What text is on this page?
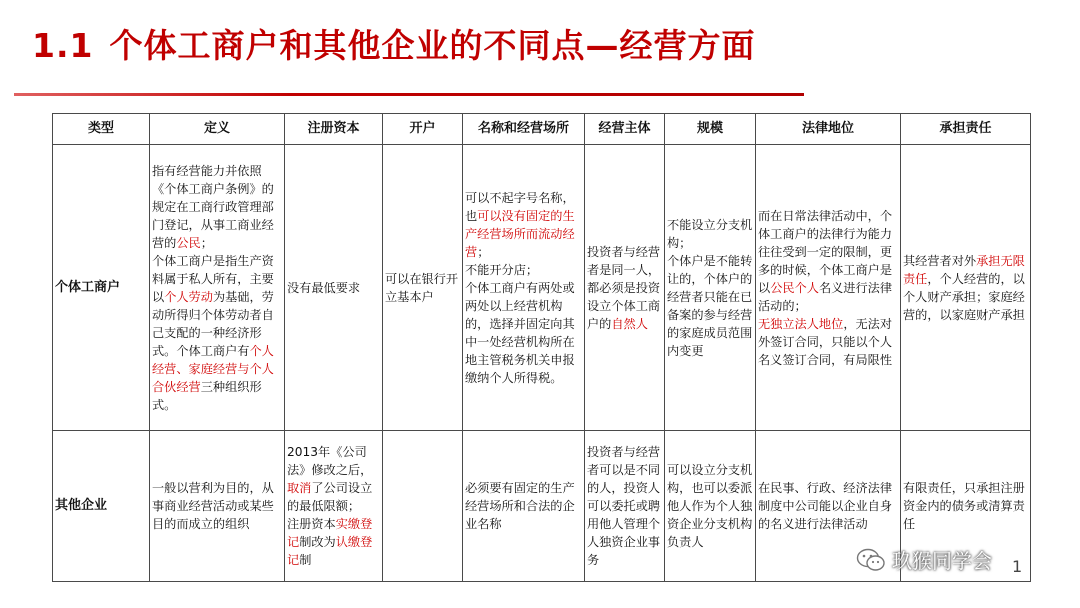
1.1 个体工商户和其他企业的不同点—经营方面
类型	定义	注册资本	开户	名称和经营场所	经营主体	规模	法律地位	承担责任
个体工商户	指有经营能力并依照《个体工商户条例》的规定在工商行政管理部门登记，从事工商业经营的公民；
个体工商户是指生产资料属于私人所有，主要以个人劳动为基础，劳动所得归个体劳动者自己支配的一种经济形式。个体工商户有个人经营、家庭经营与个人合伙经营三种组织形式。	没有最低要求	可以在银行开立基本户	可以不起字号名称，
也可以没有固定的生产经营场所而流动经营；
不能开分店；
个体工商户有两处或两处以上经营机构的，选择并固定向其中一处经营机构所在地主管税务机关申报缴纳个人所得税。	投资者与经营者是同一人，都必须是投资设立个体工商户的自然人	不能设立分支机构；
个体户是不能转让的，个体户的经营者只能在已备案的参与经营的家庭成员范围内变更	而在日常法律活动中，个体工商户的法律行为能力往往受到一定的限制，更多的时候，个体工商户是以公民个人名义进行法律活动的；
无独立法人地位，无法对外签订合同，只能以个人名义签订合同，有局限性	其经营者对外承担无限责任，个人经营的，以个人财产承担；家庭经营的，以家庭财产承担
其他企业	一般以营利为目的，从事商业经营活动或某些目的而成立的组织	2013年《公司法》修改之后，取消了公司设立的最低限额；
注册资本实缴登记制改为认缴登记制		必须要有固定的生产经营场所和合法的企业名称	投资者与经营者可以是不同的人，投资人可以委托或聘用他人管理个人独资企业事务	可以设立分支机构，也可以委派他人作为个人独资企业分支机构负责人	在民事、行政、经济法律制度中公司能以企业自身的名义进行法律活动	有限责任，只承担注册资金内的债务或清算责任
玖猴同学会 1
